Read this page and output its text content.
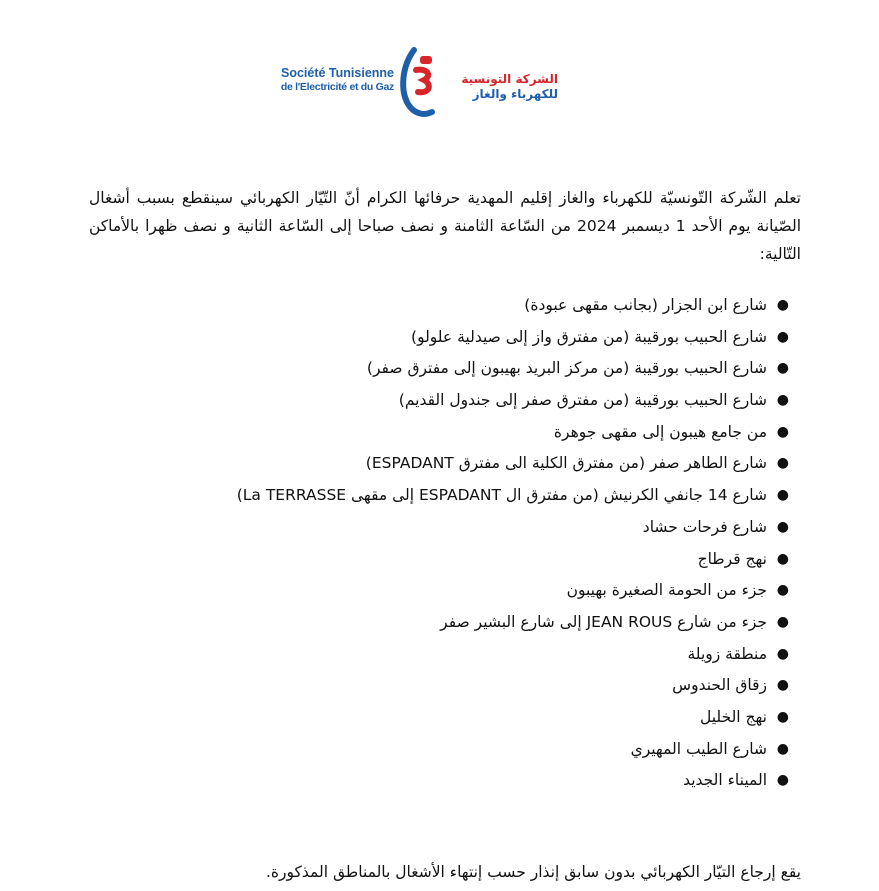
Société Tunisienne
de l'Electricité et du Gaz
الشركة التونسية
للكهرباء والغاز

تعلم الشّركة التّونسيّة للكهرباء والغاز إقليم المهدية حرفائها الكرام أنّ التّيّار الكهربائي سينقطع بسبب أشغال الصّيانة يوم الأحد 1 ديسمبر 2024 من السّاعة الثامنة و نصف صباحا إلى السّاعة الثانية و نصف ظهرا بالأماكن التّالية:

●
شارع ابن الجزار (بجانب مقهى عبودة)
●
شارع الحبيب بورقيبة (من مفترق واز إلى صيدلية علولو)
●
شارع الحبيب بورقيبة (من مركز البريد بهيبون إلى مفترق صفر)
●
شارع الحبيب بورقيبة (من مفترق صفر إلى جندول القديم)
●
من جامع هيبون إلى مقهى جوهرة
●
شارع الطاهر صفر (من مفترق الكلية الى مفترق ESPADANT)
●
شارع 14 جانفي الكرنيش (من مفترق ال ESPADANT إلى مقهى La TERRASSE)
●
شارع فرحات حشاد
●
نهج قرطاج
●
جزء من الحومة الصغيرة بهيبون
●
جزء من شارع JEAN ROUS إلى شارع البشير صفر
●
منطقة زويلة
●
زقاق الحندوس
●
نهج الخليل
●
شارع الطيب المهيري
●
الميناء الجديد

يقع إرجاع التيّار الكهربائي بدون سابق إنذار حسب إنتهاء الأشغال بالمناطق المذكورة.
